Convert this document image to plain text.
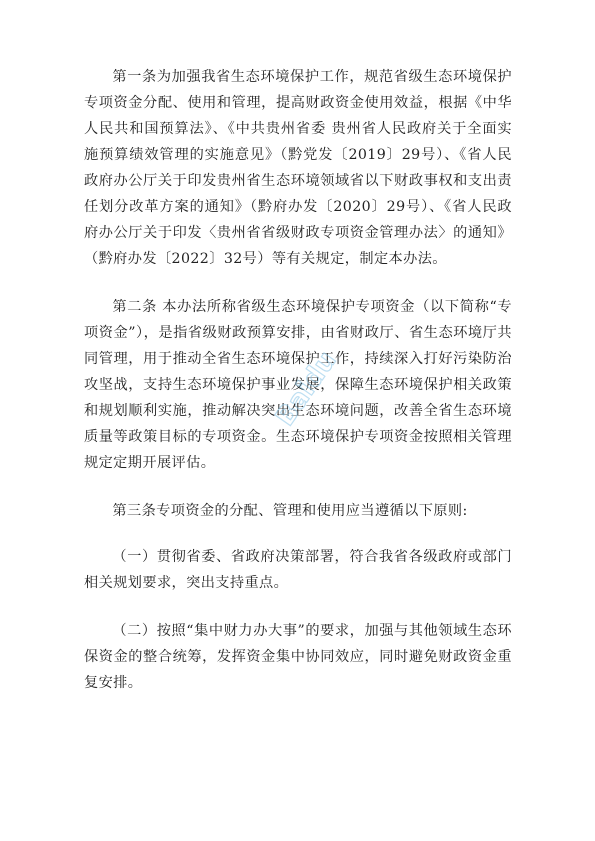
第一条为加强我省生态环境保护工作，规范省级生态环境保护专项资金分配、使用和管理，提高财政资金使用效益，根据《中华人民共和国预算法》、《中共贵州省委 贵州省人民政府关于全面实施预算绩效管理的实施意见》（黔党发〔2019〕29号）、《省人民政府办公厅关于印发贵州省生态环境领域省以下财政事权和支出责任划分改革方案的通知》（黔府办发〔2020〕29号）、《省人民政府办公厅关于印发〈贵州省省级财政专项资金管理办法〉的通知》（黔府办发〔2022〕32号）等有关规定，制定本办法。

第二条 本办法所称省级生态环境保护专项资金（以下简称“专项资金”），是指省级财政预算安排，由省财政厅、省生态环境厅共同管理，用于推动全省生态环境保护工作，持续深入打好污染防治攻坚战，支持生态环境保护事业发展，保障生态环境保护相关政策和规划顺利实施，推动解决突出生态环境问题，改善全省生态环境质量等政策目标的专项资金。生态环境保护专项资金按照相关管理规定定期开展评估。

第三条专项资金的分配、管理和使用应当遵循以下原则:

（一）贯彻省委、省政府决策部署，符合我省各级政府或部门相关规划要求，突出支持重点。

（二）按照“集中财力办大事”的要求，加强与其他领域生态环保资金的整合统筹，发挥资金集中协同效应，同时避免财政资金重复安排。

Baidu
